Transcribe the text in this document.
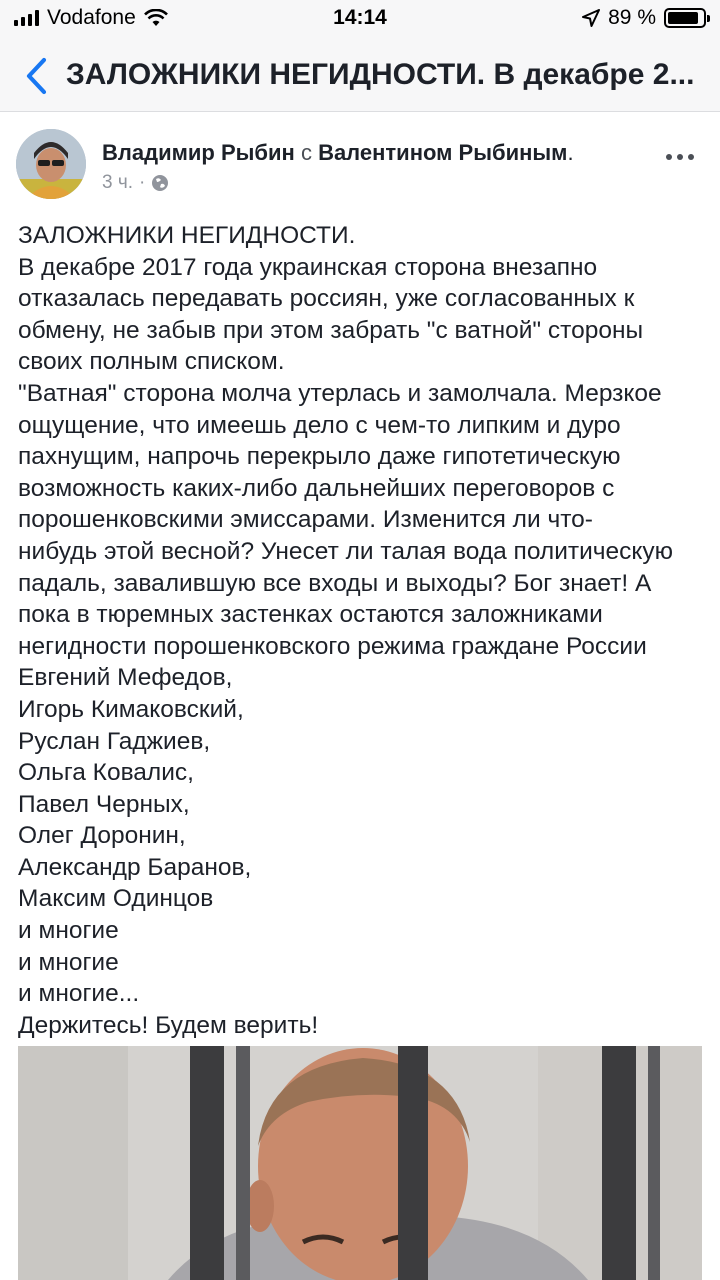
Vodafone	14:14	89 %
ЗАЛОЖНИКИ НЕГИДНОСТИ. В декабре 2...
Владимир Рыбин с Валентином Рыбиным.
3 ч. ·

ЗАЛОЖНИКИ НЕГИДНОСТИ.

В декабре 2017 года украинская сторона внезапно

отказалась передавать россиян, уже согласованных к

обмену, не забыв при этом забрать "с ватной" стороны

своих полным списком.

"Ватная" сторона молча утерлась и замолчала. Мерзкое

ощущение, что имеешь дело с чем-то липким и дуро

пахнущим, напрочь перекрыло даже гипотетическую

возможность каких-либо дальнейших переговоров с

порошенковскими эмиссарами. Изменится ли что-

нибудь этой весной? Унесет ли талая вода политическую

падаль, завалившую все входы и выходы? Бог знает! А

пока в тюремных застенках остаются заложниками

негидности порошенковского режима граждане России

Евгений Мефедов,

Игорь Кимаковский,

Руслан Гаджиев,

Ольга Ковалис,

Павел Черных,

Олег Доронин,

Александр Баранов,

Максим Одинцов

и многие

и многие

и многие...

Держитесь! Будем верить!
